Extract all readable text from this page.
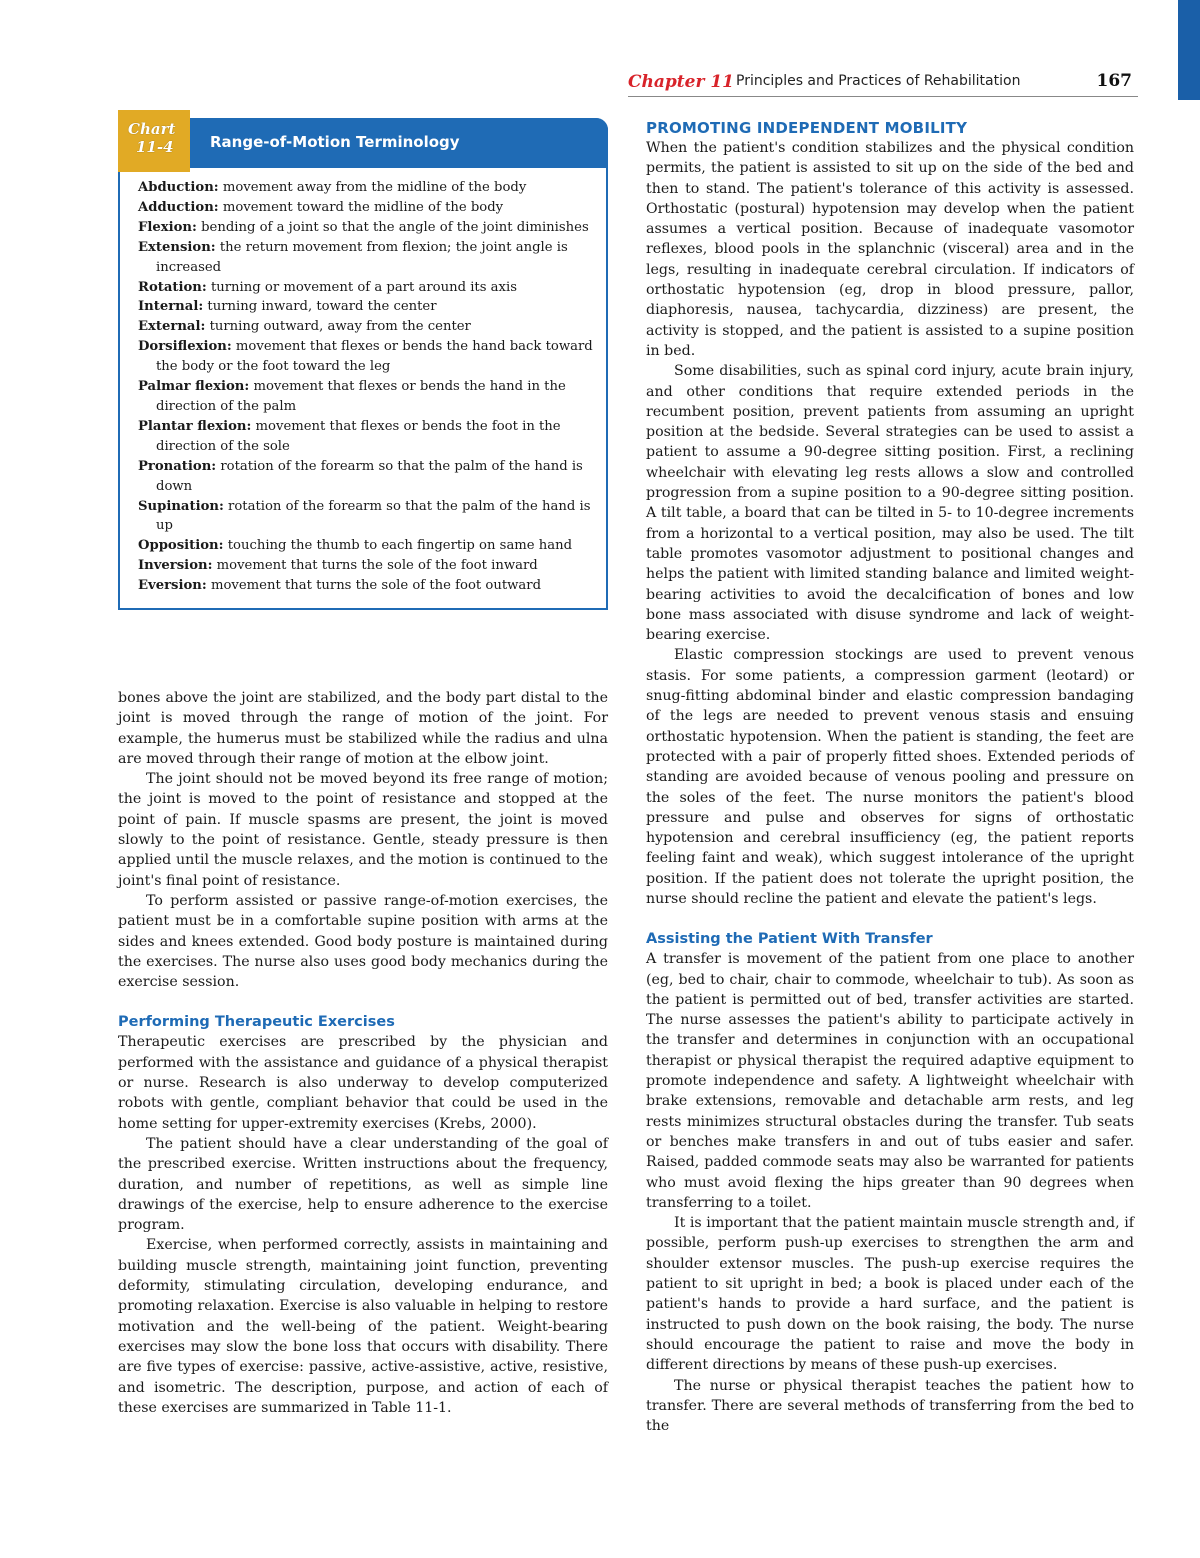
Chapter 11 Principles and Practices of Rehabilitation	167
Chart
11-4 Range-of-Motion Terminology
Abduction: movement away from the midline of the body
Adduction: movement toward the midline of the body
Flexion: bending of a joint so that the angle of the joint diminishes
Extension: the return movement from flexion; the joint angle is increased
Rotation: turning or movement of a part around its axis
Internal: turning inward, toward the center
External: turning outward, away from the center
Dorsiflexion: movement that flexes or bends the hand back toward the body or the foot toward the leg
Palmar flexion: movement that flexes or bends the hand in the direction of the palm
Plantar flexion: movement that flexes or bends the foot in the direction of the sole
Pronation: rotation of the forearm so that the palm of the hand is down
Supination: rotation of the forearm so that the palm of the hand is up
Opposition: touching the thumb to each fingertip on same hand
Inversion: movement that turns the sole of the foot inward
Eversion: movement that turns the sole of the foot outward

bones above the joint are stabilized, and the body part distal to the joint is moved through the range of motion of the joint. For example, the humerus must be stabilized while the radius and ulna are moved through their range of motion at the elbow joint.

The joint should not be moved beyond its free range of motion; the joint is moved to the point of resistance and stopped at the point of pain. If muscle spasms are present, the joint is moved slowly to the point of resistance. Gentle, steady pressure is then applied until the muscle relaxes, and the motion is continued to the joint's final point of resistance.

To perform assisted or passive range-of-motion exercises, the patient must be in a comfortable supine position with arms at the sides and knees extended. Good body posture is maintained during the exercises. The nurse also uses good body mechanics during the exercise session.

Performing Therapeutic Exercises

Therapeutic exercises are prescribed by the physician and performed with the assistance and guidance of a physical therapist or nurse. Research is also underway to develop computerized robots with gentle, compliant behavior that could be used in the home setting for upper-extremity exercises (Krebs, 2000).

The patient should have a clear understanding of the goal of the prescribed exercise. Written instructions about the frequency, duration, and number of repetitions, as well as simple line drawings of the exercise, help to ensure adherence to the exercise program.

Exercise, when performed correctly, assists in maintaining and building muscle strength, maintaining joint function, preventing deformity, stimulating circulation, developing endurance, and promoting relaxation. Exercise is also valuable in helping to restore motivation and the well-being of the patient. Weight-bearing exercises may slow the bone loss that occurs with disability. There are five types of exercise: passive, active-assistive, active, resistive, and isometric. The description, purpose, and action of each of these exercises are summarized in Table 11-1.

PROMOTING INDEPENDENT MOBILITY

When the patient's condition stabilizes and the physical condition permits, the patient is assisted to sit up on the side of the bed and then to stand. The patient's tolerance of this activity is assessed. Orthostatic (postural) hypotension may develop when the patient assumes a vertical position. Because of inadequate vasomotor reflexes, blood pools in the splanchnic (visceral) area and in the legs, resulting in inadequate cerebral circulation. If indicators of orthostatic hypotension (eg, drop in blood pressure, pallor, diaphoresis, nausea, tachycardia, dizziness) are present, the activity is stopped, and the patient is assisted to a supine position in bed.

Some disabilities, such as spinal cord injury, acute brain injury, and other conditions that require extended periods in the recumbent position, prevent patients from assuming an upright position at the bedside. Several strategies can be used to assist a patient to assume a 90-degree sitting position. First, a reclining wheelchair with elevating leg rests allows a slow and controlled progression from a supine position to a 90-degree sitting position. A tilt table, a board that can be tilted in 5- to 10-degree increments from a horizontal to a vertical position, may also be used. The tilt table promotes vasomotor adjustment to positional changes and helps the patient with limited standing balance and limited weight-bearing activities to avoid the decalcification of bones and low bone mass associated with disuse syndrome and lack of weight-bearing exercise.

Elastic compression stockings are used to prevent venous stasis. For some patients, a compression garment (leotard) or snug-fitting abdominal binder and elastic compression bandaging of the legs are needed to prevent venous stasis and ensuing orthostatic hypotension. When the patient is standing, the feet are protected with a pair of properly fitted shoes. Extended periods of standing are avoided because of venous pooling and pressure on the soles of the feet. The nurse monitors the patient's blood pressure and pulse and observes for signs of orthostatic hypotension and cerebral insufficiency (eg, the patient reports feeling faint and weak), which suggest intolerance of the upright position. If the patient does not tolerate the upright position, the nurse should recline the patient and elevate the patient's legs.

Assisting the Patient With Transfer

A transfer is movement of the patient from one place to another (eg, bed to chair, chair to commode, wheelchair to tub). As soon as the patient is permitted out of bed, transfer activities are started. The nurse assesses the patient's ability to participate actively in the transfer and determines in conjunction with an occupational therapist or physical therapist the required adaptive equipment to promote independence and safety. A lightweight wheelchair with brake extensions, removable and detachable arm rests, and leg rests minimizes structural obstacles during the transfer. Tub seats or benches make transfers in and out of tubs easier and safer. Raised, padded commode seats may also be warranted for patients who must avoid flexing the hips greater than 90 degrees when transferring to a toilet.

It is important that the patient maintain muscle strength and, if possible, perform push-up exercises to strengthen the arm and shoulder extensor muscles. The push-up exercise requires the patient to sit upright in bed; a book is placed under each of the patient's hands to provide a hard surface, and the patient is instructed to push down on the book raising, the body. The nurse should encourage the patient to raise and move the body in different directions by means of these push-up exercises.

The nurse or physical therapist teaches the patient how to transfer. There are several methods of transferring from the bed to the
